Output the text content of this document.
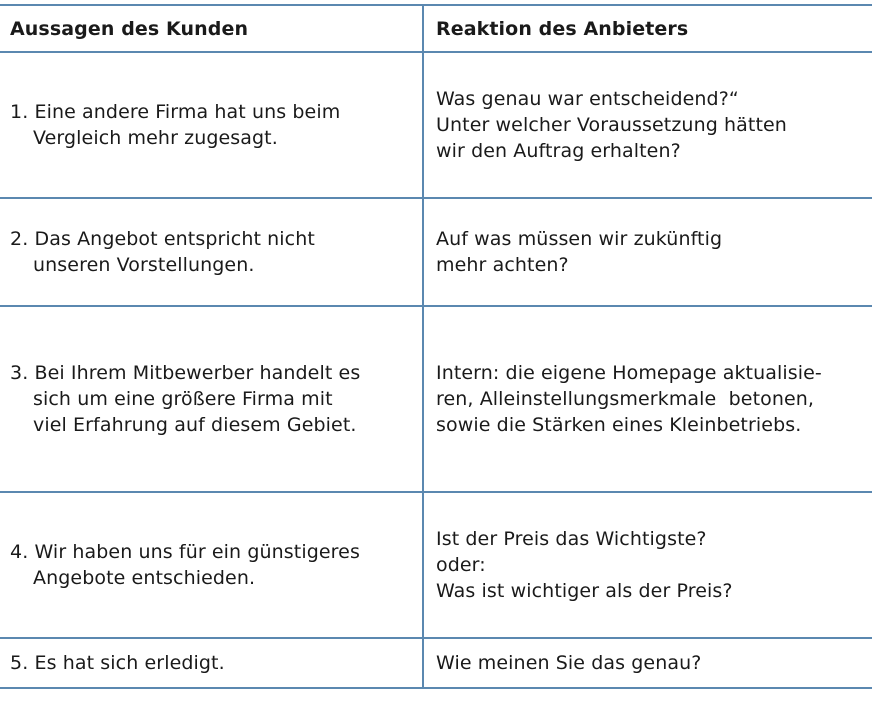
Aussagen des Kunden	Reaktion des Anbieters

1. Eine andere Firma hat uns beim
Vergleich mehr zugesagt.	Was genau war entscheidend?“
Unter welcher Voraussetzung hätten
wir den Auftrag erhalten?

2. Das Angebot entspricht nicht
unseren Vorstellungen.	Auf was müssen wir zukünftig
mehr achten?

3. Bei Ihrem Mitbewerber handelt es
sich um eine größere Firma mit
viel Erfahrung auf diesem Gebiet.	Intern: die eigene Homepage aktualisie-
ren, Alleinstellungsmerkmale  betonen,
sowie die Stärken eines Kleinbetriebs.

4. Wir haben uns für ein günstigeres
Angebote entschieden.	Ist der Preis das Wichtigste?
oder:
Was ist wichtiger als der Preis?

5. Es hat sich erledigt.	Wie meinen Sie das genau?
